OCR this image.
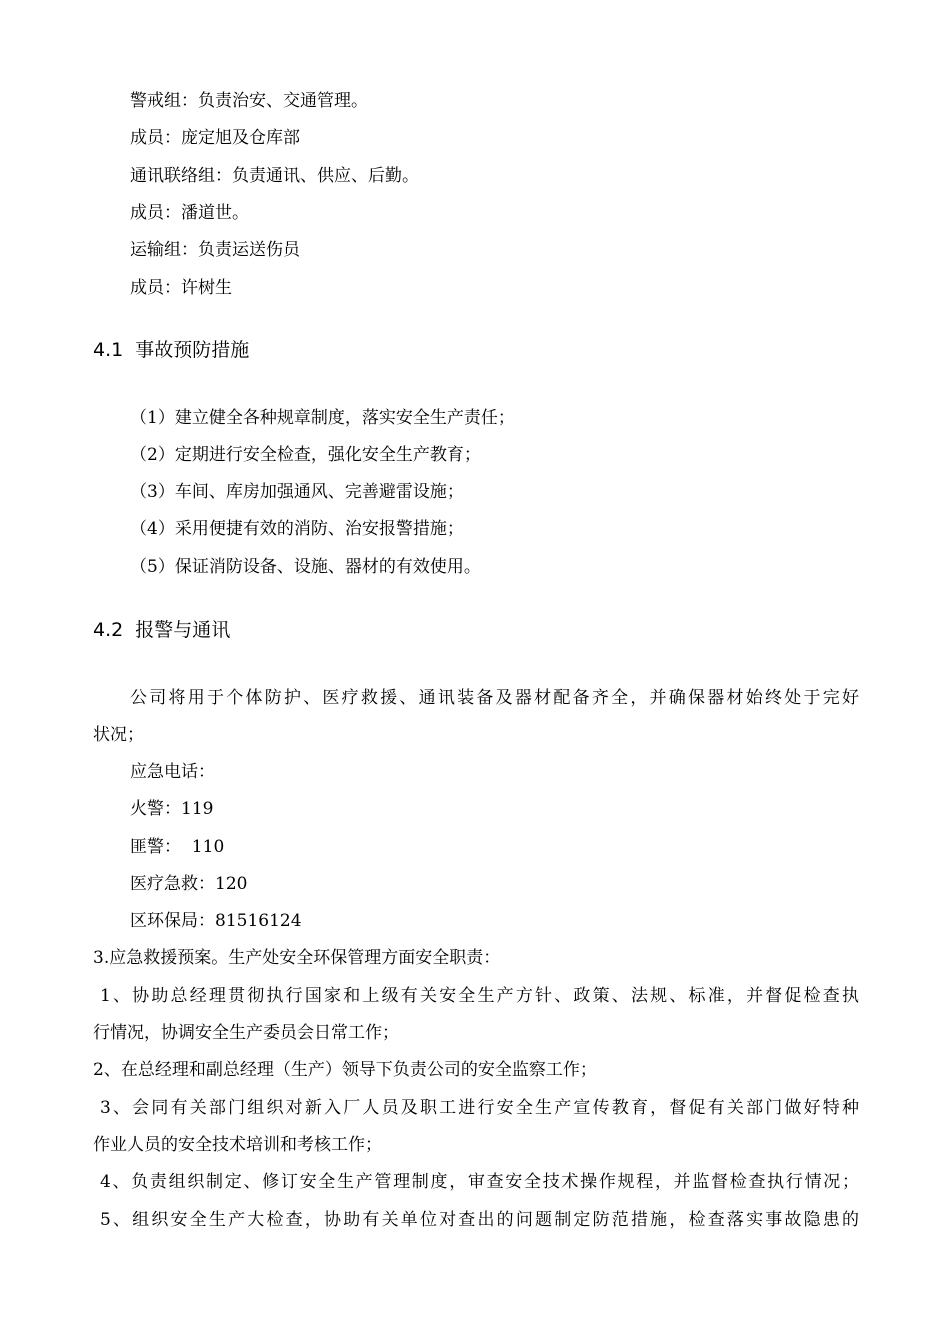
警戒组：负责治安、交通管理。
成员：庞定旭及仓库部
通讯联络组：负责通讯、供应、后勤。
成员：潘道世。
运输组：负责运送伤员
成员：许树生
4.1 事故预防措施
（1）建立健全各种规章制度，落实安全生产责任；
（2）定期进行安全检查，强化安全生产教育；
（3）车间、库房加强通风、完善避雷设施；
（4）采用便捷有效的消防、治安报警措施；
（5）保证消防设备、设施、器材的有效使用。
4.2 报警与通讯
公司将用于个体防护、医疗救援、通讯装备及器材配备齐全，并确保器材始终处于完好
状况；
应急电话：
火警：119
匪警：  110
医疗急救：120
区环保局：81516124
3.应急救援预案。生产处安全环保管理方面安全职责：
1、协助总经理贯彻执行国家和上级有关安全生产方针、政策、法规、标准，并督促检查执
行情况，协调安全生产委员会日常工作；
2、在总经理和副总经理（生产）领导下负责公司的安全监察工作；
3、会同有关部门组织对新入厂人员及职工进行安全生产宣传教育，督促有关部门做好特种
作业人员的安全技术培训和考核工作；
4、负责组织制定、修订安全生产管理制度，审查安全技术操作规程，并监督检查执行情况；
5、组织安全生产大检查，协助有关单位对查出的问题制定防范措施，检查落实事故隐患的
